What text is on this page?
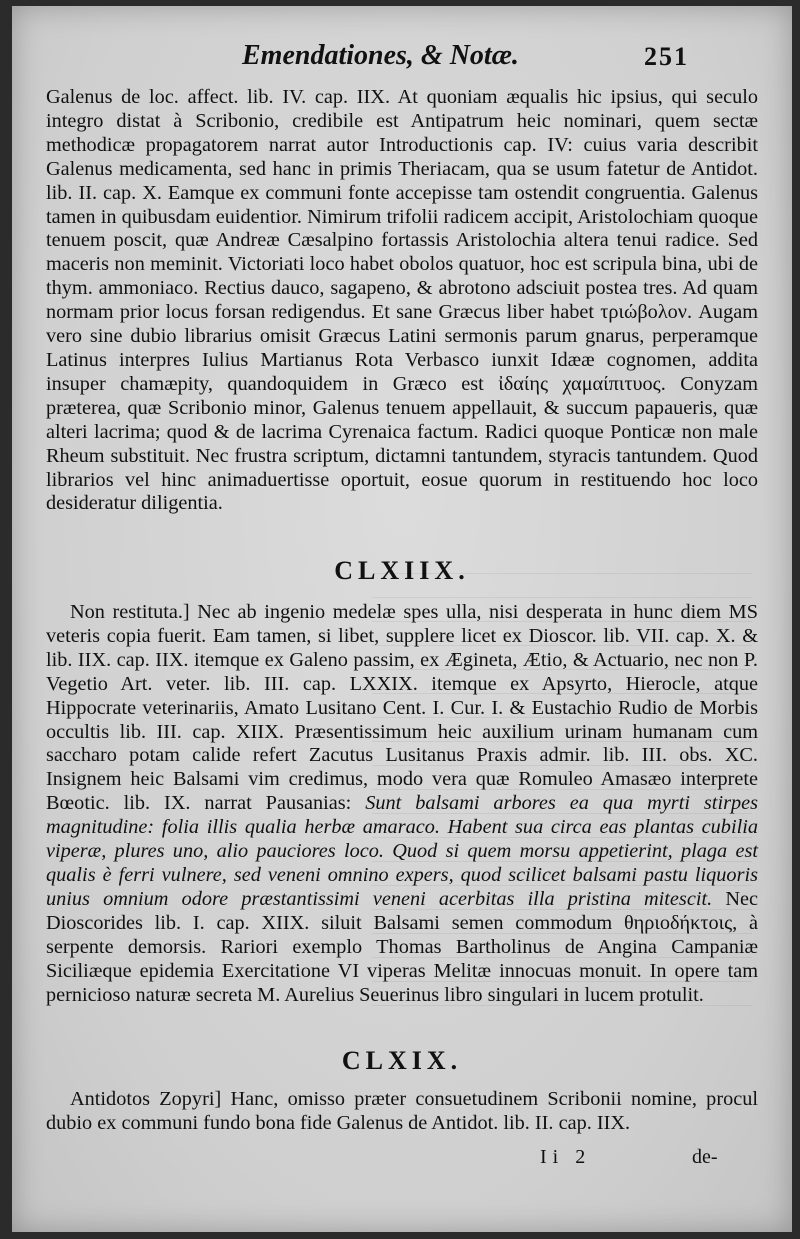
Emendationes, & Notæ.	251
Galenus de loc. affect. lib. IV. cap. IIX. At quoniam æqualis hic ipsius, qui seculo integro distat à Scribonio, credibile est Antipatrum heic nominari, quem sectæ methodicæ propagatorem narrat autor Introductionis cap. IV: cuius varia describit Galenus medicamenta, sed hanc in primis Theriacam, qua se usum fatetur de Antidot. lib. II. cap. X. Eamque ex communi fonte accepisse tam ostendit congruentia. Galenus tamen in quibusdam euidentior. Nimirum trifolii radicem accipit, Aristolochiam quoque tenuem poscit, quæ Andreæ Cæsalpino fortassis Aristolochia altera tenui radice. Sed maceris non meminit. Victoriati loco habet obolos quatuor, hoc est scripula bina, ubi de thym. ammoniaco. Rectius dauco, sagapeno, & abrotono adsciuit postea tres. Ad quam normam prior locus forsan redigendus. Et sane Græcus liber habet τριώβολον. Augam vero sine dubio librarius omisit Græcus Latini sermonis parum gnarus, perperamque Latinus interpres Iulius Martianus Rota Verbasco iunxit Idææ cognomen, addita insuper chamæpity, quandoquidem in Græco est ἰδαίης χαμαίπιτυος. Conyzam præterea, quæ Scribonio minor, Galenus tenuem appellauit, & succum papaueris, quæ alteri lacrima; quod & de lacrima Cyrenaica factum. Radici quoque Ponticæ non male Rheum substituit. Nec frustra scriptum, dictamni tantundem, styracis tantundem. Quod librarios vel hinc animaduertisse oportuit, eosue quorum in restituendo hoc loco desideratur diligentia.
CLXIIX.
Non restituta.] Nec ab ingenio medelæ spes ulla, nisi desperata in hunc diem MS veteris copia fuerit. Eam tamen, si libet, supplere licet ex Dioscor. lib. VII. cap. X. & lib. IIX. cap. IIX. itemque ex Galeno passim, ex Ægineta, Ætio, & Actuario, nec non P. Vegetio Art. veter. lib. III. cap. LXXIX. itemque ex Apsyrto, Hierocle, atque Hippocrate veterinariis, Amato Lusitano Cent. I. Cur. I. & Eustachio Rudio de Morbis occultis lib. III. cap. XIIX. Præsentissimum heic auxilium urinam humanam cum saccharo potam calide refert Zacutus Lusitanus Praxis admir. lib. III. obs. XC. Insignem heic Balsami vim credimus, modo vera quæ Romuleo Amasæo interprete Bœotic. lib. IX. narrat Pausanias: Sunt balsami arbores ea qua myrti stirpes magnitudine: folia illis qualia herbæ amaraco. Habent sua circa eas plantas cubilia viperæ, plures uno, alio pauciores loco. Quod si quem morsu appetierint, plaga est qualis è ferri vulnere, sed veneni omnino expers, quod scilicet balsami pastu liquoris unius omnium odore præstantissimi veneni acerbitas illa pristina mitescit. Nec Dioscorides lib. I. cap. XIIX. siluit Balsami semen commodum θηριοδήκτοις, à serpente demorsis. Rariori exemplo Thomas Bartholinus de Angina Campaniæ Siciliæque epidemia Exercitatione VI viperas Melitæ innocuas monuit. In opere tam pernicioso naturæ secreta M. Aurelius Seuerinus libro singulari in lucem protulit.
CLXIX.
Antidotos Zopyri] Hanc, omisso præter consuetudinem Scribonii nomine, procul dubio ex communi fundo bona fide Galenus de Antidot. lib. II. cap. IIX.
Ii 2	de-
